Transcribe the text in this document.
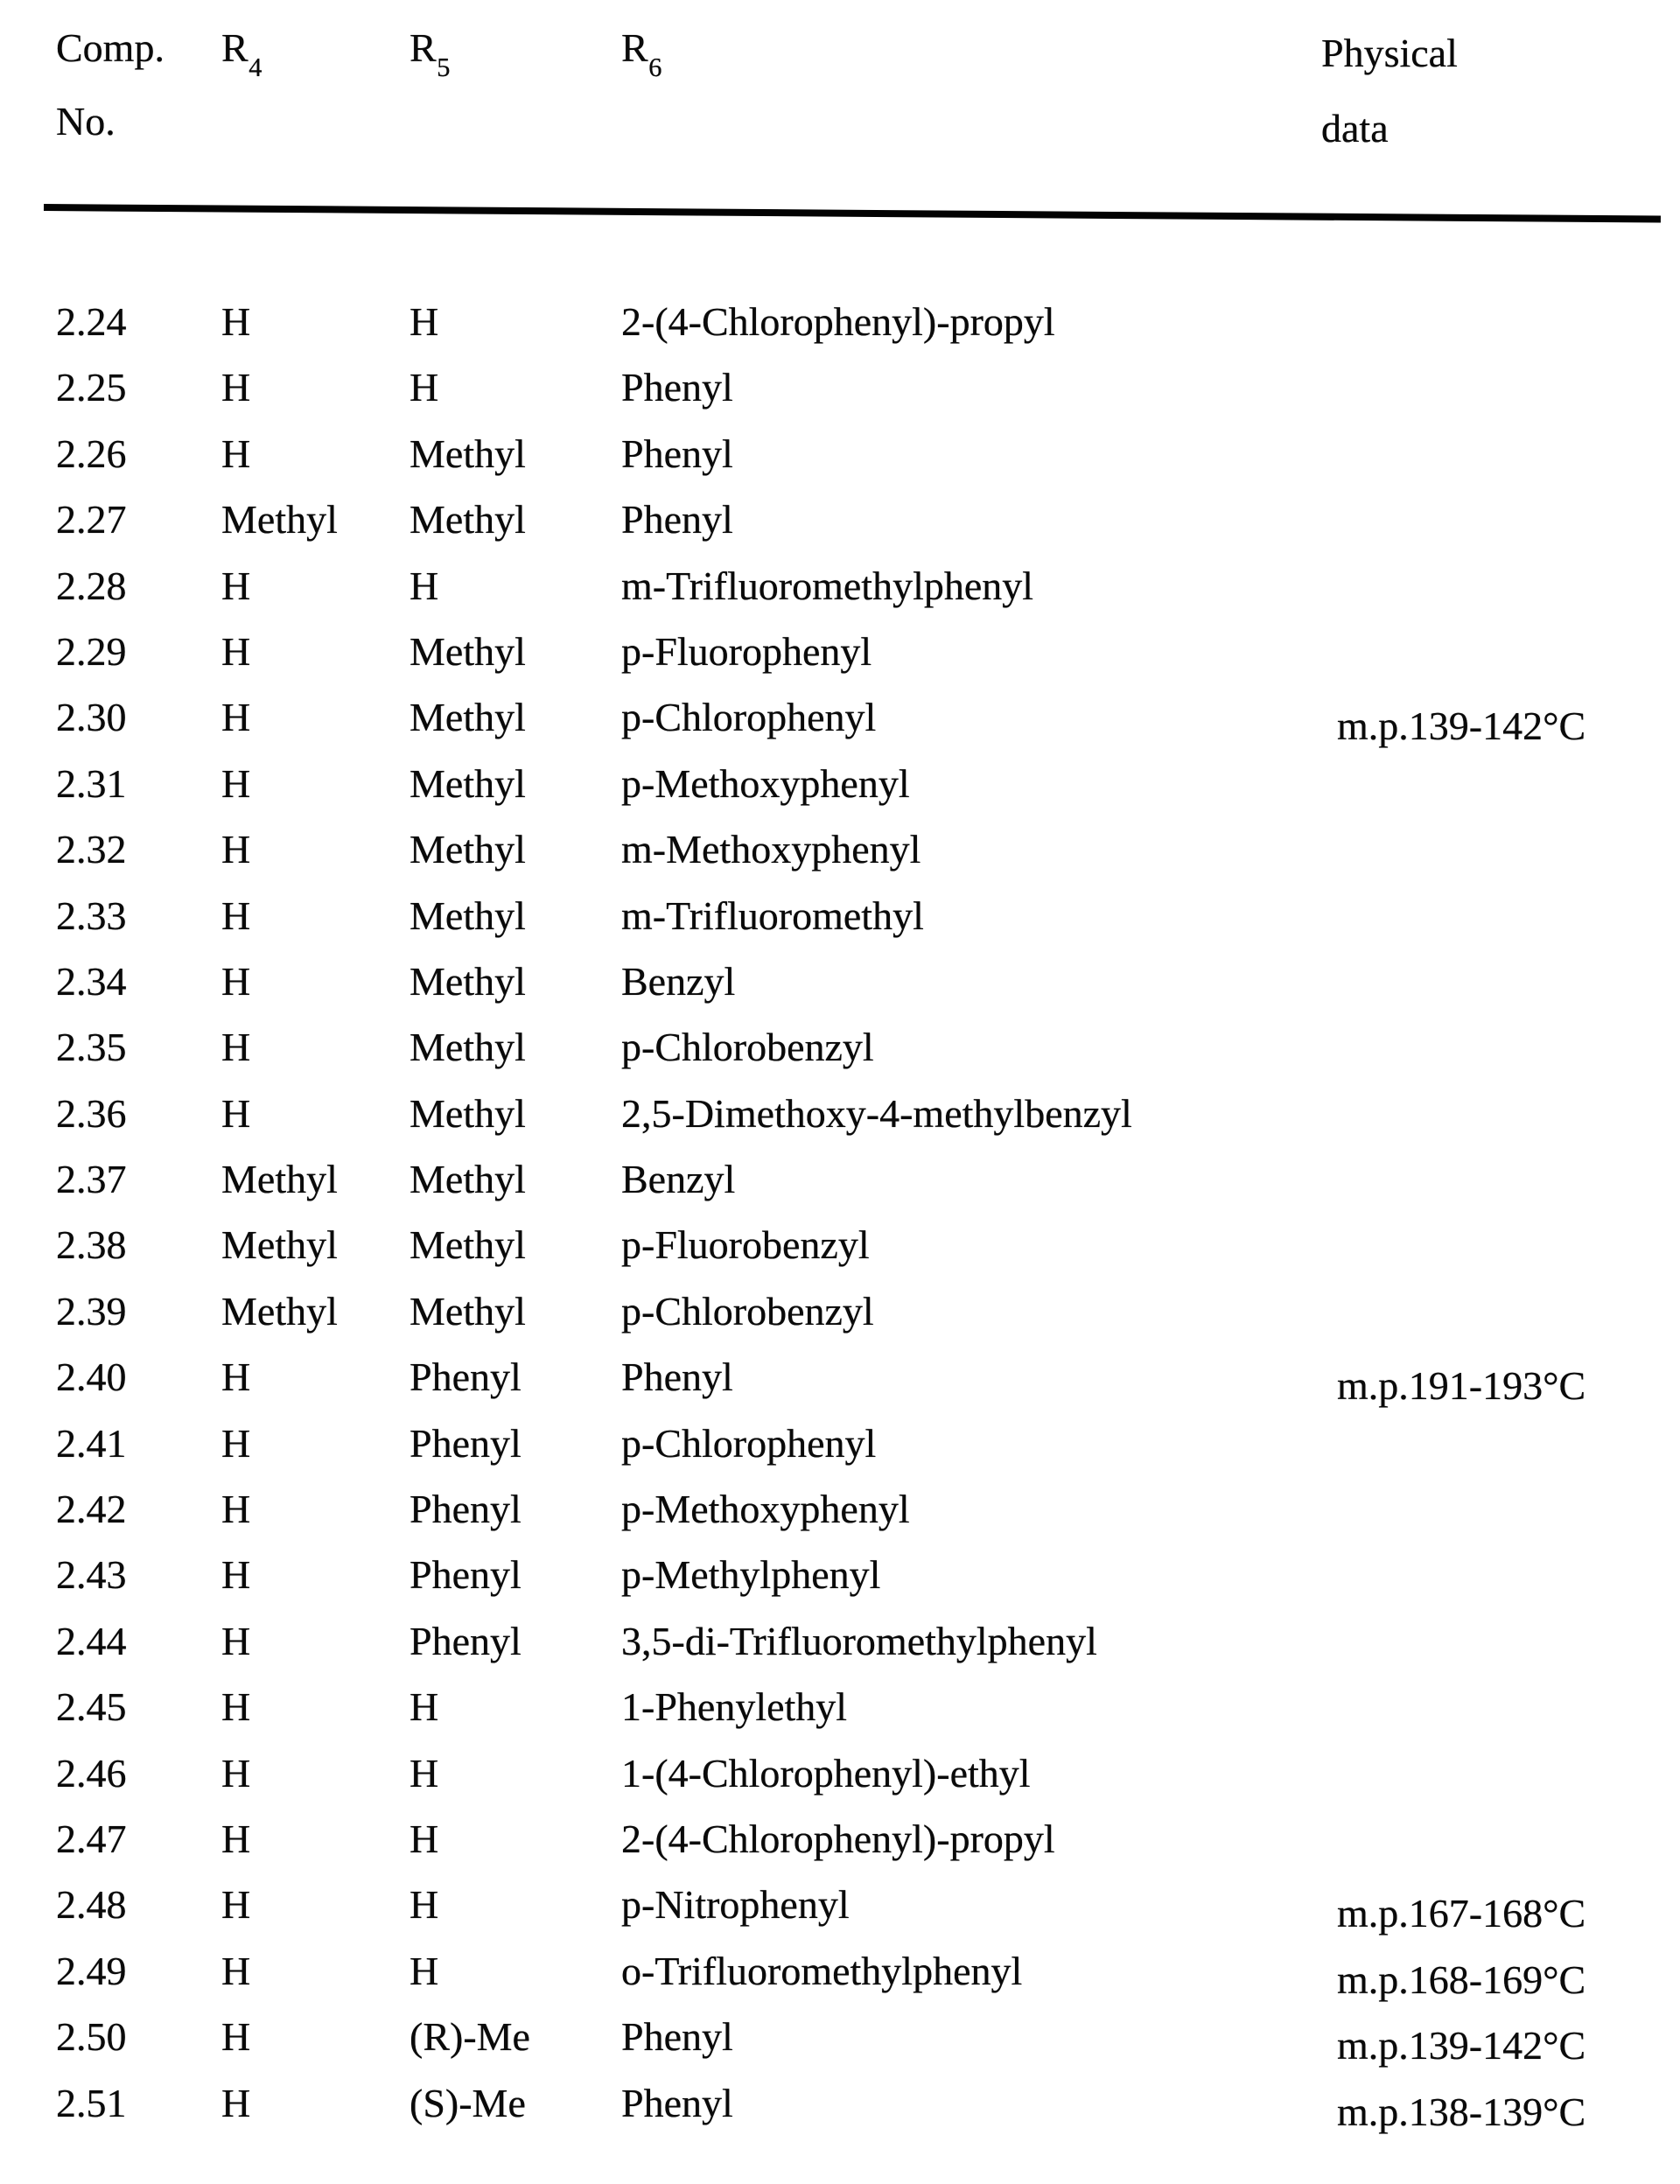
Comp.
No.
$R_4$	$R_5$	$R_6$	Physical
data
2.24 H	H	2-(4-Chlorophenyl)-propyl
2.25 H	H	Phenyl
2.26 H	Methyl Phenyl
2.27 Methyl Methyl Phenyl
2.28 H	H	m-Trifluoromethylphenyl
2.29 H	Methyl p-Fluorophenyl
2.30 H	Methyl p-Chlorophenyl	m.p.139-142°C
2.31 H	Methyl p-Methoxyphenyl
2.32 H	Methyl m-Methoxyphenyl
2.33 H	Methyl m-Trifluoromethyl
2.34 H	Methyl Benzyl
2.35 H	Methyl p-Chlorobenzyl
2.36 H	Methyl 2,5-Dimethoxy-4-methylbenzyl
2.37 Methyl Methyl Benzyl
2.38 Methyl Methyl p-Fluorobenzyl
2.39 Methyl Methyl p-Chlorobenzyl
2.40 H	Phenyl Phenyl	m.p.191-193°C
2.41 H	Phenyl p-Chlorophenyl
2.42 H	Phenyl p-Methoxyphenyl
2.43 H	Phenyl p-Methylphenyl
2.44 H	Phenyl 3,5-di-Trifluoromethylphenyl
2.45 H	H	1-Phenylethyl
2.46 H	H	1-(4-Chlorophenyl)-ethyl
2.47 H	H	2-(4-Chlorophenyl)-propyl
2.48 H	H	p-Nitrophenyl	m.p.167-168°C
2.49 H	H	o-Trifluoromethylphenyl	m.p.168-169°C
2.50 H	(R)-Me Phenyl	m.p.139-142°C
2.51 H	(S)-Me Phenyl	m.p.138-139°C
